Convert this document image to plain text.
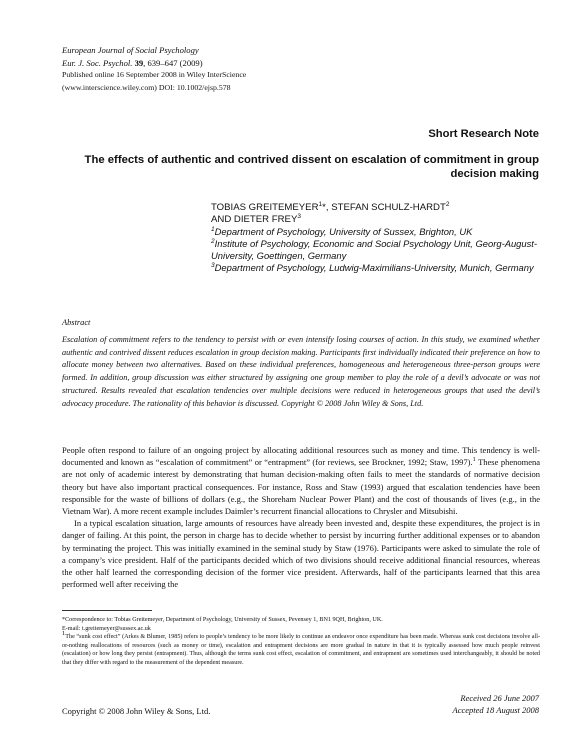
European Journal of Social Psychology
Eur. J. Soc. Psychol. 39, 639–647 (2009)
Published online 16 September 2008 in Wiley InterScience
(www.interscience.wiley.com) DOI: 10.1002/ejsp.578
Short Research Note
The effects of authentic and contrived dissent on escalation of commitment in group decision making
TOBIAS GREITEMEYER$^1$*, STEFAN SCHULZ-HARDT$^2$
AND DIETER FREY$^3$
$^1$Department of Psychology, University of Sussex, Brighton, UK
$^2$Institute of Psychology, Economic and Social Psychology Unit, Georg-August-University, Goettingen, Germany
$^3$Department of Psychology, Ludwig-Maximilians-University, Munich, Germany
Abstract
Escalation of commitment refers to the tendency to persist with or even intensify losing courses of action. In this study, we examined whether authentic and contrived dissent reduces escalation in group decision making. Participants first individually indicated their preference on how to allocate money between two alternatives. Based on these individual preferences, homogeneous and heterogeneous three-person groups were formed. In addition, group discussion was either structured by assigning one group member to play the role of a devil’s advocate or was not structured. Results revealed that escalation tendencies over multiple decisions were reduced in heterogeneous groups that used the devil’s advocacy procedure. The rationality of this behavior is discussed. Copyright © 2008 John Wiley & Sons, Ltd.

People often respond to failure of an ongoing project by allocating additional resources such as money and time. This tendency is well-documented and known as “escalation of commitment” or “entrapment” (for reviews, see Brockner, 1992; Staw, 1997).$^1$ These phenomena are not only of academic interest by demonstrating that human decision-making often fails to meet the standards of normative decision theory but have also important practical consequences. For instance, Ross and Staw (1993) argued that escalation tendencies have been responsible for the waste of billions of dollars (e.g., the Shoreham Nuclear Power Plant) and the cost of thousands of lives (e.g., in the Vietnam War). A more recent example includes Daimler’s recurrent financial allocations to Chrysler and Mitsubishi.

In a typical escalation situation, large amounts of resources have already been invested and, despite these expenditures, the project is in danger of failing. At this point, the person in charge has to decide whether to persist by incurring further additional expenses or to abandon by terminating the project. This was initially examined in the seminal study by Staw (1976). Participants were asked to simulate the role of a company’s vice president. Half of the participants decided which of two divisions should receive additional financial resources, whereas the other half learned the corresponding decision of the former vice president. Afterwards, half of the participants learned that this area performed well after receiving the

*Correspondence to: Tobias Greitemeyer, Department of Psychology, University of Sussex, Pevensey 1, BN1 9QH, Brighton, UK.

E-mail: t.greitemeyer@sussex.ac.uk

$^1$The “sunk cost effect” (Arkes & Blumer, 1985) refers to people’s tendency to be more likely to continue an endeavor once expenditure has been made. Whereas sunk cost decisions involve all-or-nothing reallocations of resources (such as money or time), escalation and entrapment decisions are more gradual in nature in that it is typically assessed how much people reinvest (escalation) or how long they persist (entrapment). Thus, although the terms sunk cost effect, escalation of commitment, and entrapment are sometimes used interchangeably, it should be noted that they differ with regard to the measurement of the dependent measure.

Received 26 June 2007
Accepted 18 August 2008
Copyright © 2008 John Wiley & Sons, Ltd.
